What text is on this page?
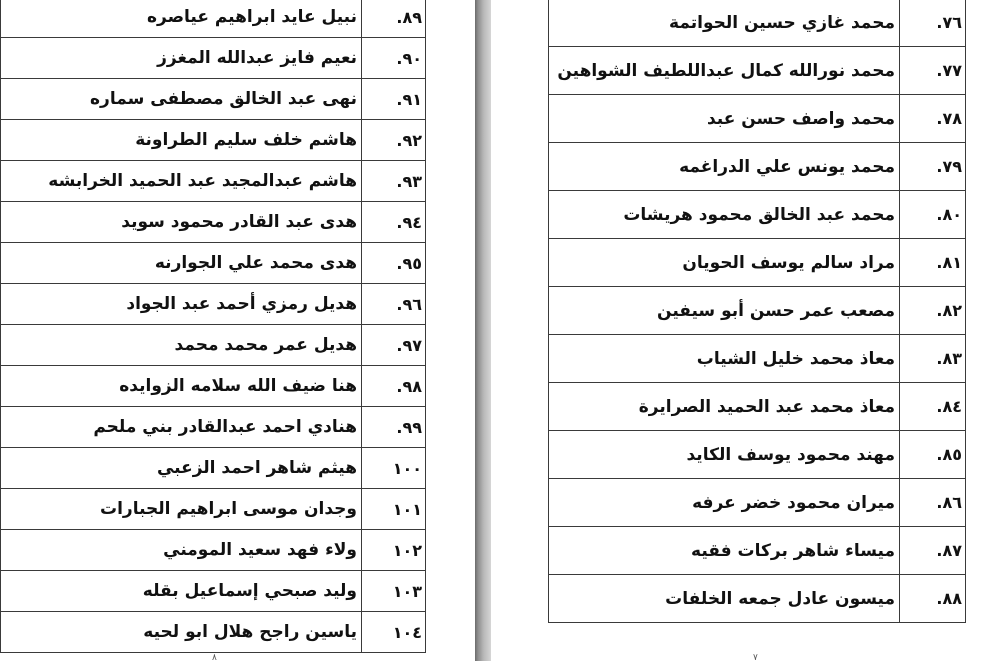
٨٩.	نبيل عايد ابراهيم عياصره
٩٠.	نعيم فايز عبدالله المغزز
٩١.	نهى عبد الخالق مصطفى سماره
٩٢.	هاشم خلف سليم الطراونة
٩٣.	هاشم عبدالمجيد عبد الحميد الخرابشه
٩٤.	هدى عبد القادر محمود سويد
٩٥.	هدى محمد علي الجوارنه
٩٦.	هديل رمزي أحمد عبد الجواد
٩٧.	هديل عمر محمد محمد
٩٨.	هنا ضيف الله سلامه الزوايده
٩٩.	هنادي احمد عبدالقادر بني ملحم
١٠٠	هيثم شاهر احمد الزعبي
١٠١	وجدان موسى ابراهيم الجبارات
١٠٢	ولاء فهد سعيد المومني
١٠٣	وليد صبحي إسماعيل بقله
١٠٤	ياسين راجح هلال ابو لحيه
٨
٧٦.	محمد غازي حسين الحواتمة
٧٧.	محمد نورالله كمال عبداللطيف الشواهين
٧٨.	محمد واصف حسن عبد
٧٩.	محمد يونس علي الدراغمه
٨٠.	محمد عبد الخالق محمود هريشات
٨١.	مراد سالم يوسف الحويان
٨٢.	مصعب عمر حسن أبو سيفين
٨٣.	معاذ محمد خليل الشياب
٨٤.	معاذ محمد عبد الحميد الصرايرة
٨٥.	مهند محمود يوسف الكايد
٨٦.	ميران محمود خضر عرفه
٨٧.	ميساء شاهر بركات فقيه
٨٨.	ميسون عادل جمعه الخلفات
٧
